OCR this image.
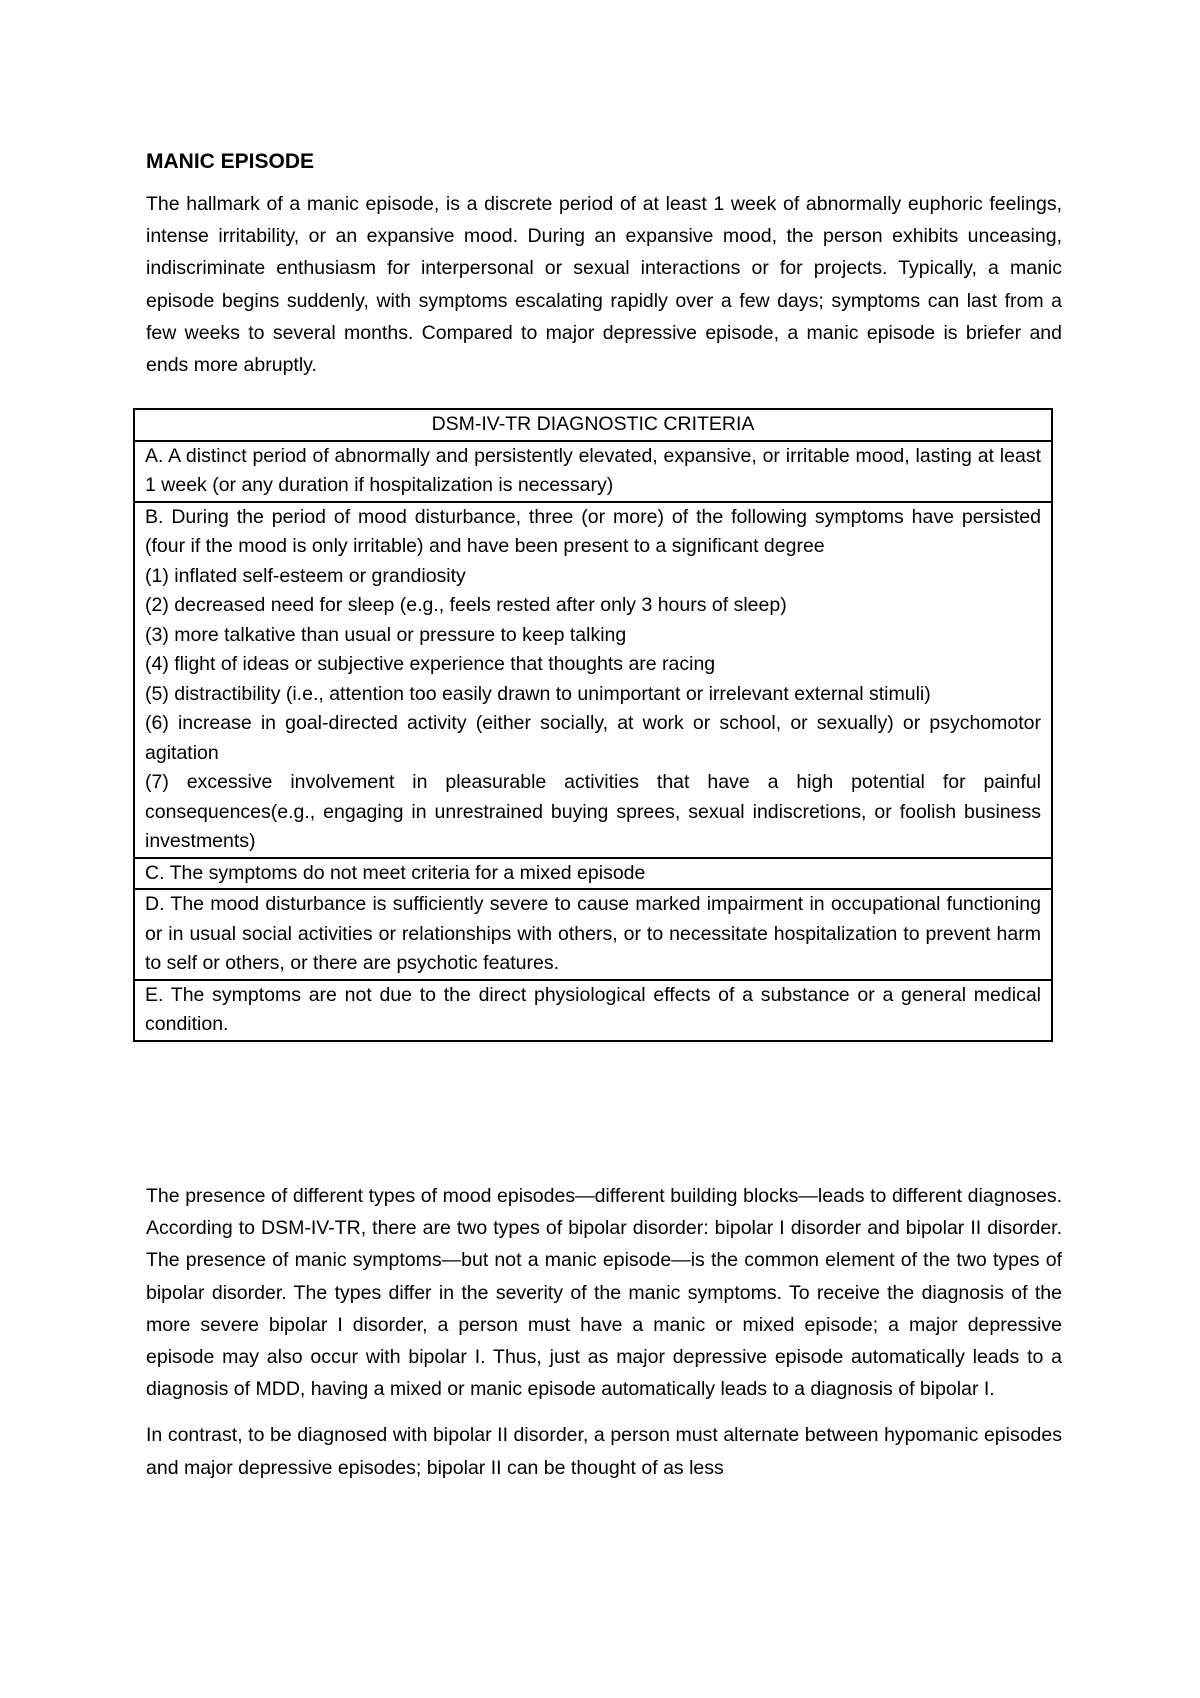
MANIC EPISODE

The hallmark of a manic episode, is a discrete period of at least 1 week of abnormally euphoric feelings, intense irritability, or an expansive mood. During an expansive mood, the person exhibits unceasing, indiscriminate enthusiasm for interpersonal or sexual interactions or for projects. Typically, a manic episode begins suddenly, with symptoms escalating rapidly over a few days; symptoms can last from a few weeks to several months. Compared to major depressive episode, a manic episode is briefer and ends more abruptly.

DSM-IV-TR DIAGNOSTIC CRITERIA
A. A distinct period of abnormally and persistently elevated, expansive, or irritable mood, lasting at least 1 week (or any duration if hospitalization is necessary)

B. During the period of mood disturbance, three (or more) of the following symptoms have persisted (four if the mood is only irritable) and have been present to a significant degree
(1) inflated self-esteem or grandiosity
(2) decreased need for sleep (e.g., feels rested after only 3 hours of sleep)
(3) more talkative than usual or pressure to keep talking
(4) flight of ideas or subjective experience that thoughts are racing
(5) distractibility (i.e., attention too easily drawn to unimportant or irrelevant external stimuli)
(6) increase in goal-directed activity (either socially, at work or school, or sexually) or psychomotor agitation
(7) excessive involvement in pleasurable activities that have a high potential for painful consequences(e.g., engaging in unrestrained buying sprees, sexual indiscretions, or foolish business investments)

C. The symptoms do not meet criteria for a mixed episode
D. The mood disturbance is sufficiently severe to cause marked impairment in occupational functioning or in usual social activities or relationships with others, or to necessitate hospitalization to prevent harm to self or others, or there are psychotic features.
E. The symptoms are not due to the direct physiological effects of a substance or a general medical condition.

The presence of different types of mood episodes—different building blocks—leads to different diagnoses. According to DSM-IV-TR, there are two types of bipolar disorder: bipolar I disorder and bipolar II disorder. The presence of manic symptoms—but not a manic episode—is the common element of the two types of bipolar disorder. The types differ in the severity of the manic symptoms. To receive the diagnosis of the more severe bipolar I disorder, a person must have a manic or mixed episode; a major depressive episode may also occur with bipolar I. Thus, just as major depressive episode automatically leads to a diagnosis of MDD, having a mixed or manic episode automatically leads to a diagnosis of bipolar I.

In contrast, to be diagnosed with bipolar II disorder, a person must alternate between hypomanic episodes and major depressive episodes; bipolar II can be thought of as less
